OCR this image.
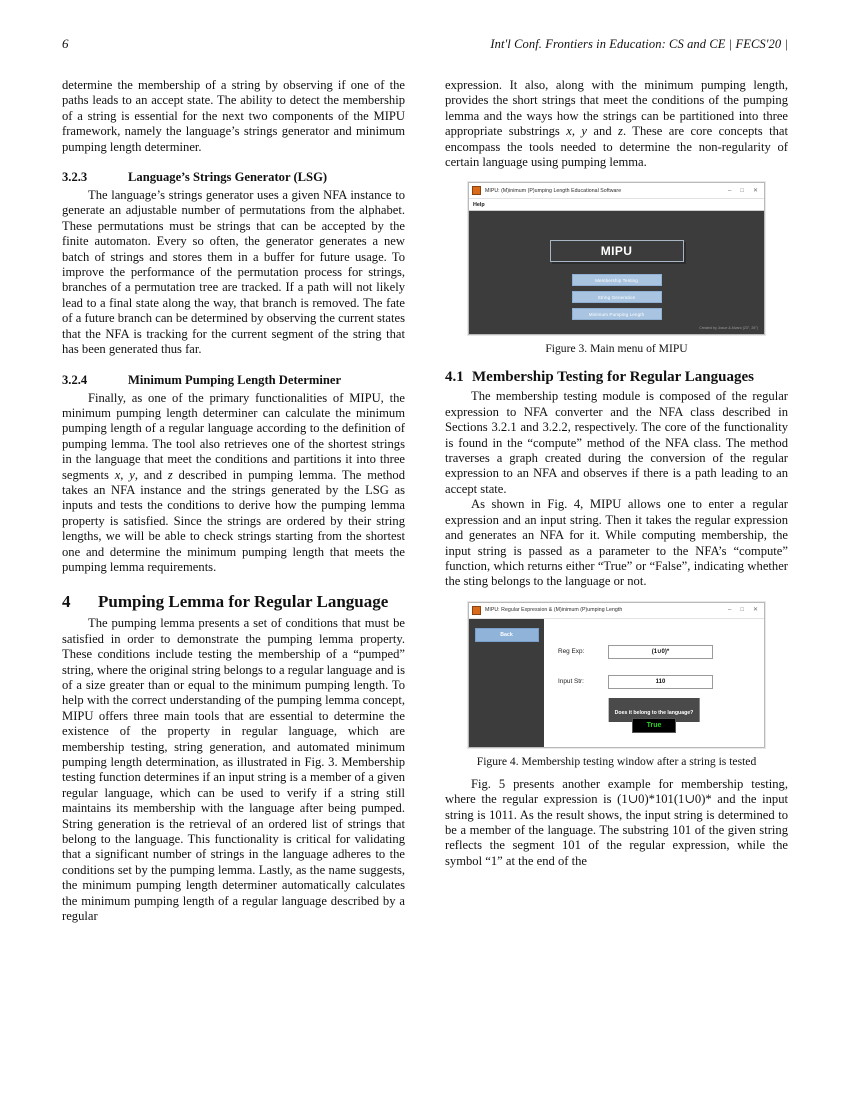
6	Int'l Conf. Frontiers in Education: CS and CE | FECS'20 |

determine the membership of a string by observing if one of the paths leads to an accept state. The ability to detect the membership of a string is essential for the next two components of the MIPU framework, namely the language’s strings generator and minimum pumping length determiner.

3.2.3	Language’s Strings Generator (LSG)

The language’s strings generator uses a given NFA instance to generate an adjustable number of permutations from the alphabet. These permutations must be strings that can be accepted by the finite automaton. Every so often, the generator generates a new batch of strings and stores them in a buffer for future usage. To improve the performance of the permutation process for strings, branches of a permutation tree are tracked. If a path will not likely lead to a final state along the way, that branch is removed. The fate of a future branch can be determined by observing the current states that the NFA is tracking for the current segment of the string that has been generated thus far.

3.2.4	Minimum Pumping Length Determiner

Finally, as one of the primary functionalities of MIPU, the minimum pumping length determiner can calculate the minimum pumping length of a regular language according to the definition of pumping lemma. The tool also retrieves one of the shortest strings in the language that meet the conditions and partitions it into three segments x, y, and z described in pumping lemma. The method takes an NFA instance and the strings generated by the LSG as inputs and tests the conditions to derive how the pumping lemma property is satisfied. Since the strings are ordered by their string lengths, we will be able to check strings starting from the shortest one and determine the minimum pumping length that meets the pumping lemma requirements.

4	Pumping Lemma for Regular Language

The pumping lemma presents a set of conditions that must be satisfied in order to demonstrate the pumping lemma property. These conditions include testing the membership of a “pumped” string, where the original string belongs to a regular language and is of a size greater than or equal to the minimum pumping length. To help with the correct understanding of the pumping lemma concept, MIPU offers three main tools that are essential to determine the existence of the property in regular language, which are membership testing, string generation, and automated minimum pumping length determination, as illustrated in Fig. 3. Membership testing function determines if an input string is a member of a given regular language, which can be used to verify if a string still maintains its membership with the language after being pumped. String generation is the retrieval of an ordered list of strings that belong to the language. This functionality is critical for validating that a significant number of strings in the language adheres to the conditions set by the pumping lemma. Lastly, as the name suggests, the minimum pumping length determiner automatically calculates the minimum pumping length of a regular language described by a regular

expression. It also, along with the minimum pumping length, provides the short strings that meet the conditions of the pumping lemma and the ways how the strings can be partitioned into three appropriate substrings x, y and z. These are core concepts that encompass the tools needed to determine the non-regularity of certain language using pumping lemma.

MIPU: (M)inimum (P)umping Length Educational Software	– □ ✕
Help
MIPU
Membership Testing
String Generation
Minimum Pumping Length
Created by Josue & Alvaro (23°, 26°)
Figure 3. Main menu of MIPU
4.1 Membership Testing for Regular Languages

The membership testing module is composed of the regular expression to NFA converter and the NFA class described in Sections 3.2.1 and 3.2.2, respectively. The core of the functionality is found in the “compute” method of the NFA class. The method traverses a graph created during the conversion of the regular expression to an NFA and observes if there is a path leading to an accept state.

As shown in Fig. 4, MIPU allows one to enter a regular expression and an input string. Then it takes the regular expression and generates an NFA for it. While computing membership, the input string is passed as a parameter to the NFA’s “compute” function, which returns either “True” or “False”, indicating whether the sting belongs to the language or not.

MIPU: Regular Expression & (M)inimum (P)umping Length	– □ ✕
Back
Reg Exp:	(1∪0)*
Input Str:	110
Does it belong to the language?
True
Figure 4. Membership testing window after a string is tested

Fig. 5 presents another example for membership testing, where the regular expression is (1∪0)*101(1∪0)* and the input string is 1011. As the result shows, the input string is determined to be a member of the language. The substring 101 of the given string reflects the segment 101 of the regular expression, while the symbol “1” at the end of the
